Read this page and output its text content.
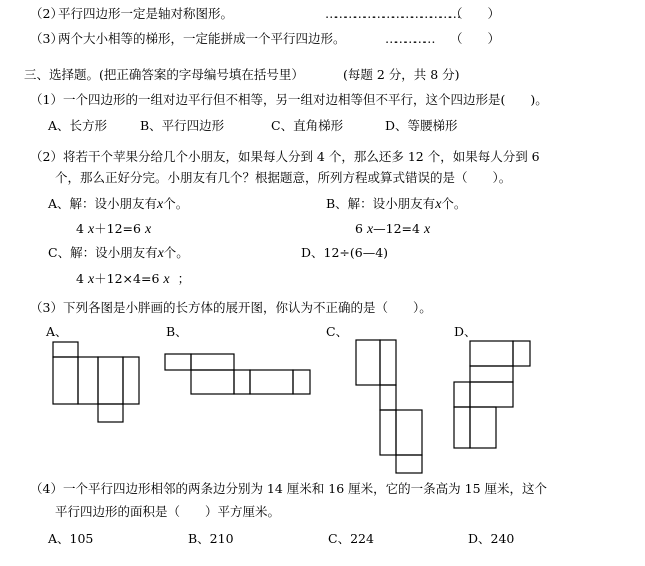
（2）
平行四边形一定是轴对称图形。	……………………………………
（　　）
（3）
两个大小相等的梯形，一定能拼成一个平行四边形。	…………… （　　）
三、选择题。(把正确答案的字母编号填在括号里）	(每题 2 分，共 8 分)
（1）一个四边形的一组对边平行但不相等，另一组对边相等但不平行，这个四边形是(　　)。
A、长方形	B、平行四边形	C、直角梯形	D、等腰梯形
（2）将若干个苹果分给几个小朋友，如果每人分到 4 个，那么还多 12 个，如果每人分到 6
个，那么正好分完。小朋友有几个？根据题意，所列方程或算式错误的是（　　）。
A、解：设小朋友有x个。	B、解：设小朋友有x个。
4 x＋12=6 x	6 x—12=4 x
C、解：设小朋友有x个。	D、12÷(6—4)
4 x＋12×4=6 x ；
（3）下列各图是小胖画的长方体的展开图，你认为不正确的是（　　）。
A、	B、	C、	D、
（4）一个平行四边形相邻的两条边分别为 14 厘米和 16 厘米，它的一条高为 15 厘米，这个
平行四边形的面积是（　　）平方厘米。
A、105	B、210	C、224	D、240
